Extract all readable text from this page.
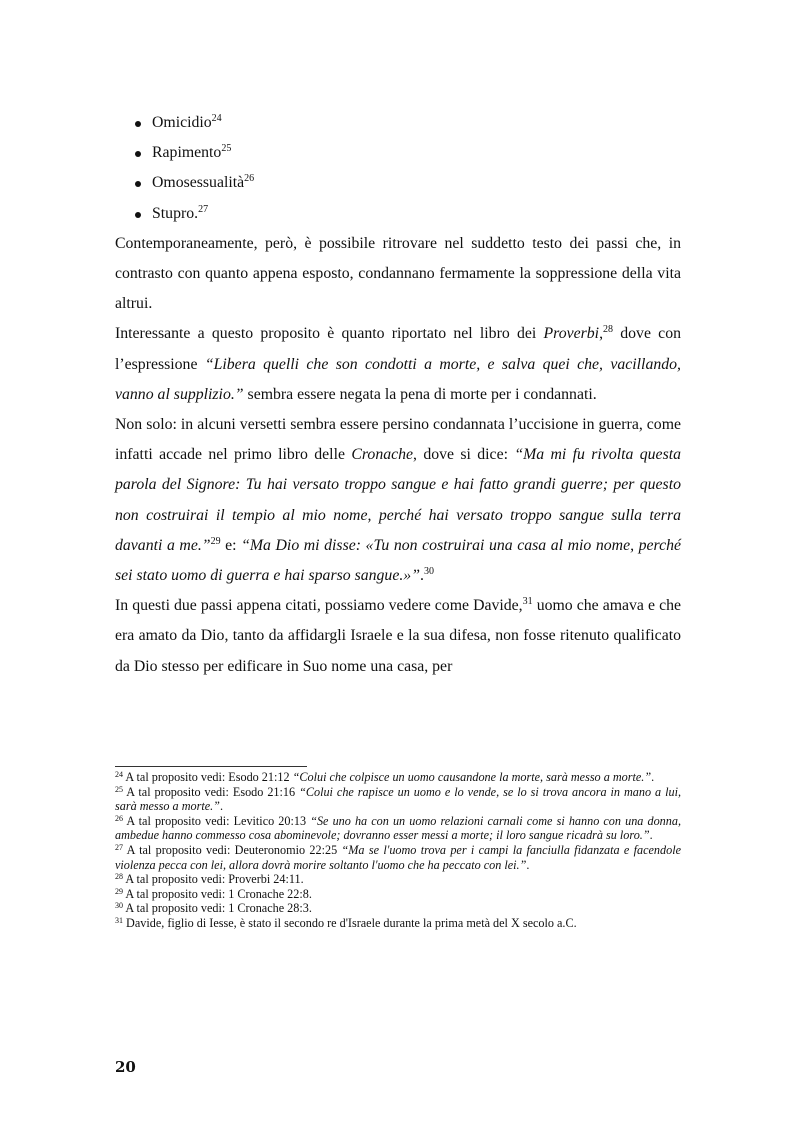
Omicidio$^{24}$
Rapimento$^{25}$
Omosessualità$^{26}$
Stupro.$^{27}$

Contemporaneamente, però, è possibile ritrovare nel suddetto testo dei passi che, in contrasto con quanto appena esposto, condannano fermamente la soppressione della vita altrui.

Interessante a questo proposito è quanto riportato nel libro dei Proverbi,$^{28}$ dove con l’espressione “Libera quelli che son condotti a morte, e salva quei che, vacillando, vanno al supplizio.” sembra essere negata la pena di morte per i condannati.

Non solo: in alcuni versetti sembra essere persino condannata l’uccisione in guerra, come infatti accade nel primo libro delle Cronache, dove si dice: “Ma mi fu rivolta questa parola del Signore: Tu hai versato troppo sangue e hai fatto grandi guerre; per questo non costruirai il tempio al mio nome, perché hai versato troppo sangue sulla terra davanti a me.”$^{29}$ e: “Ma Dio mi disse: «Tu non costruirai una casa al mio nome, perché sei stato uomo di guerra e hai sparso sangue.»”.$^{30}$

In questi due passi appena citati, possiamo vedere come Davide,$^{31}$ uomo che amava e che era amato da Dio, tanto da affidargli Israele e la sua difesa, non fosse ritenuto qualificato da Dio stesso per edificare in Suo nome una casa, per

$^{24}$ A tal proposito vedi: Esodo 21:12 “Colui che colpisce un uomo causandone la morte, sarà messo a morte.”.

$^{25}$ A tal proposito vedi: Esodo 21:16 “Colui che rapisce un uomo e lo vende, se lo si trova ancora in mano a lui, sarà messo a morte.”.

$^{26}$ A tal proposito vedi: Levitico 20:13 “Se uno ha con un uomo relazioni carnali come si hanno con una donna, ambedue hanno commesso cosa abominevole; dovranno esser messi a morte; il loro sangue ricadrà su loro.”.

$^{27}$ A tal proposito vedi: Deuteronomio 22:25 “Ma se l'uomo trova per i campi la fanciulla fidanzata e facendole violenza pecca con lei, allora dovrà morire soltanto l'uomo che ha peccato con lei.”.

$^{28}$ A tal proposito vedi: Proverbi 24:11.

$^{29}$ A tal proposito vedi: 1 Cronache 22:8.

$^{30}$ A tal proposito vedi: 1 Cronache 28:3.

$^{31}$ Davide, figlio di Iesse, è stato il secondo re d'Israele durante la prima metà del X secolo a.C.

20
